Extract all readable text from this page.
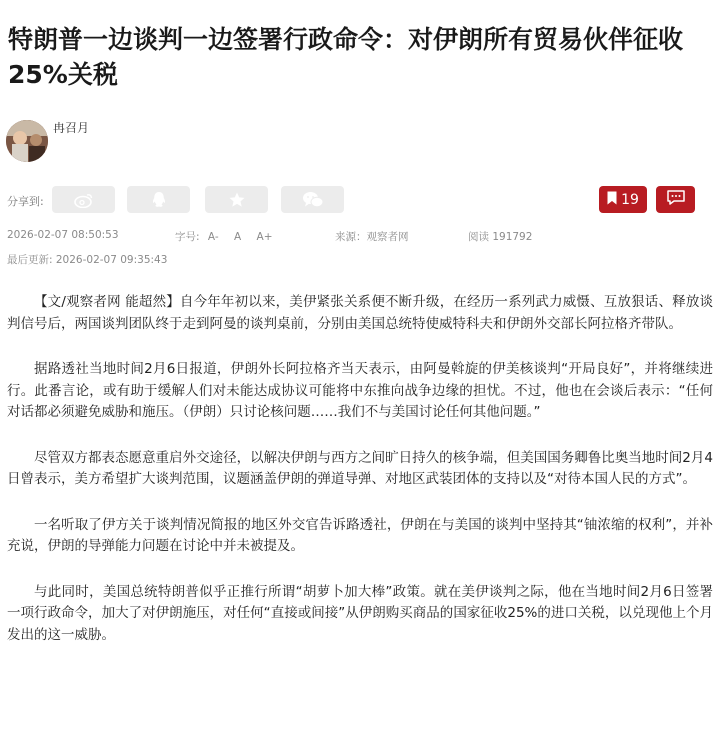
特朗普一边谈判一边签署行政命令：对伊朗所有贸易伙伴征收25%关税
冉召月
分享到:	19
2026-02-07 08:50:53	字号: A- A A+	来源：观察者网	阅读 191792
最后更新: 2026-02-07 09:35:43

【文/观察者网 能超然】自今年年初以来，美伊紧张关系便不断升级，在经历一系列武力威慑、互放狠话、释放谈判信号后，两国谈判团队终于走到阿曼的谈判桌前，分别由美国总统特使威特科夫和伊朗外交部长阿拉格齐带队。

据路透社当地时间2月6日报道，伊朗外长阿拉格齐当天表示，由阿曼斡旋的伊美核谈判“开局良好”，并将继续进行。此番言论，或有助于缓解人们对未能达成协议可能将中东推向战争边缘的担忧。不过，他也在会谈后表示：“任何对话都必须避免威胁和施压。（伊朗）只讨论核问题……我们不与美国讨论任何其他问题。”

尽管双方都表态愿意重启外交途径，以解决伊朗与西方之间旷日持久的核争端，但美国国务卿鲁比奥当地时间2月4日曾表示，美方希望扩大谈判范围，议题涵盖伊朗的弹道导弹、对地区武装团体的支持以及“对待本国人民的方式”。

一名听取了伊方关于谈判情况简报的地区外交官告诉路透社，伊朗在与美国的谈判中坚持其“铀浓缩的权利”，并补充说，伊朗的导弹能力问题在讨论中并未被提及。

与此同时，美国总统特朗普似乎正推行所谓“胡萝卜加大棒”政策。就在美伊谈判之际，他在当地时间2月6日签署一项行政命令，加大了对伊朗施压，对任何“直接或间接”从伊朗购买商品的国家征收25%的进口关税，以兑现他上个月发出的这一威胁。
